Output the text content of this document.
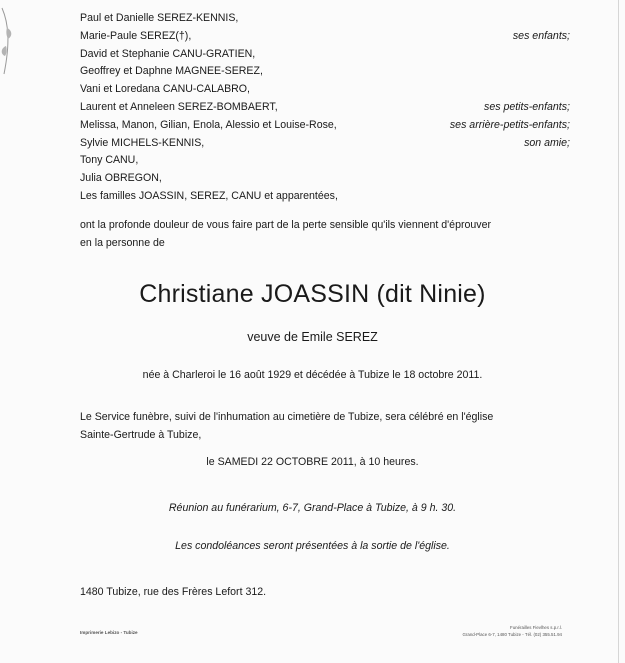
Paul et Danielle SEREZ-KENNIS,
Marie-Paule SEREZ(†),	ses enfants;
David et Stephanie CANU-GRATIEN,
Geoffrey et Daphne MAGNEE-SEREZ,
Vani et Loredana CANU-CALABRO,
Laurent et Anneleen SEREZ-BOMBAERT,	ses petits-enfants;
Melissa, Manon, Gilian, Enola, Alessio et Louise-Rose,	ses arrière-petits-enfants;
Sylvie MICHELS-KENNIS,	son amie;
Tony CANU,
Julia OBREGON,
Les familles JOASSIN, SEREZ, CANU et apparentées,
ont la profonde douleur de vous faire part de la perte sensible qu'ils viennent d'éprouver
en la personne de
Christiane JOASSIN (dit Ninie)
veuve de Emile SEREZ
née à Charleroi le 16 août 1929 et décédée à Tubize le 18 octobre 2011.
Le Service funèbre, suivi de l'inhumation au cimetière de Tubize, sera célébré en l'église
Sainte-Gertrude à Tubize,
le SAMEDI 22 OCTOBRE 2011, à 10 heures.
Réunion au funérarium, 6-7, Grand-Place à Tubize, à 9 h. 30.
Les condoléances seront présentées à la sortie de l'église.
1480 Tubize, rue des Frères Lefort 312.
Imprimerie Lebizo - Tubize
Funérailles Fievlhes s.p.r.l.
Grand-Place 6-7, 1480 Tubize - Tél. (02) 355.51.94
